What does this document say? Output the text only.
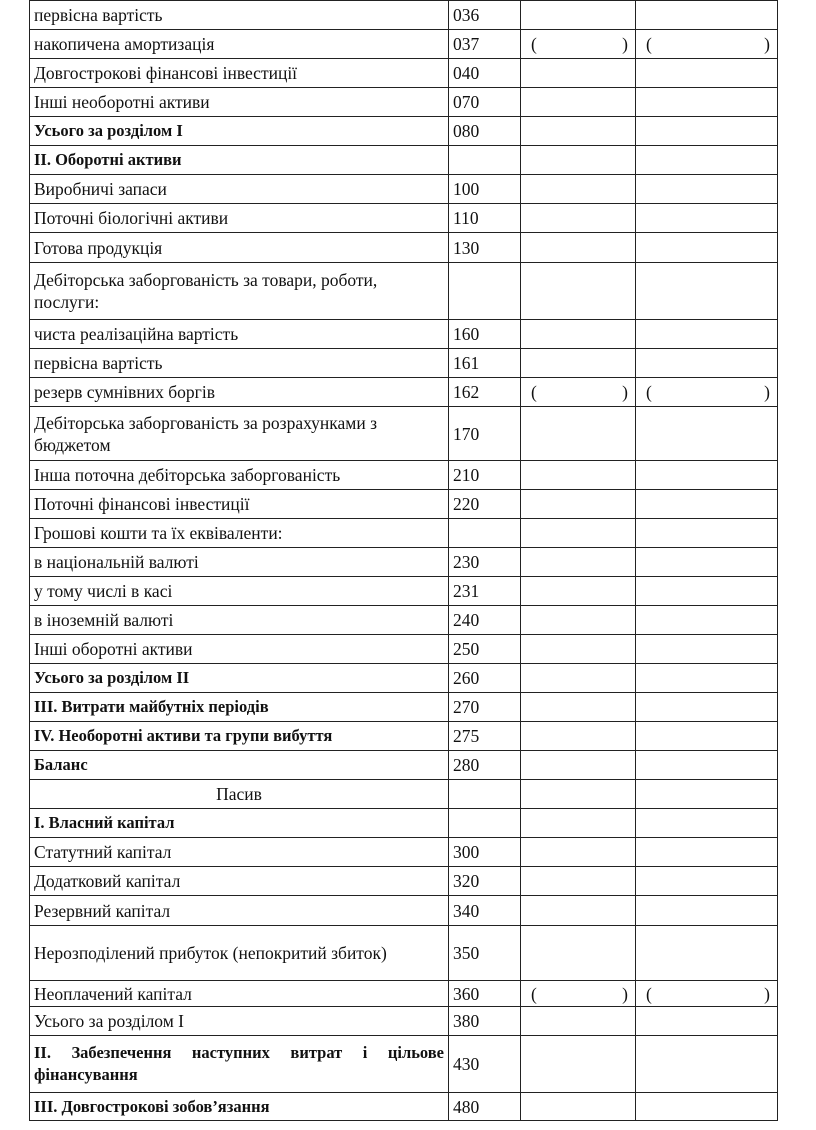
первісна вартість	036		
накопичена амортизація	037	( )	( )

Довгострокові фінансові інвестиції	040		
Інші необоротні активи	070		
Усього за розділом I	080		
II. Оборотні активи			
Виробничі запаси	100		
Поточні біологічні активи	110		
Готова продукція	130		
Дебіторська заборгованість за товари, роботи, послуги:			
чиста реалізаційна вартість	160		
первісна вартість	161		
резерв сумнівних боргів	162	( )	( )

Дебіторська заборгованість за розрахунками з бюджетом	170		
Інша поточна дебіторська заборгованість	210		
Поточні фінансові інвестиції	220		
Грошові кошти та їх еквіваленти:			
в національній валюті	230		
у тому числі в касі	231		
в іноземній валюті	240		
Інші оборотні активи	250		
Усього за розділом II	260		
III. Витрати майбутніх періодів	270		
IV. Необоротні активи та групи вибуття	275		
Баланс	280		
Пасив			
I. Власний капітал			
Статутний капітал	300		
Додатковий капітал	320		
Резервний капітал	340		
Нерозподілений прибуток (непокритий збиток)	350		
Неоплачений капітал	360	( )	( )

Усього за розділом I	380		
II. Забезпечення наступних витрат і цільове фінансування	430		
III. Довгострокові зобов’язання	480		
